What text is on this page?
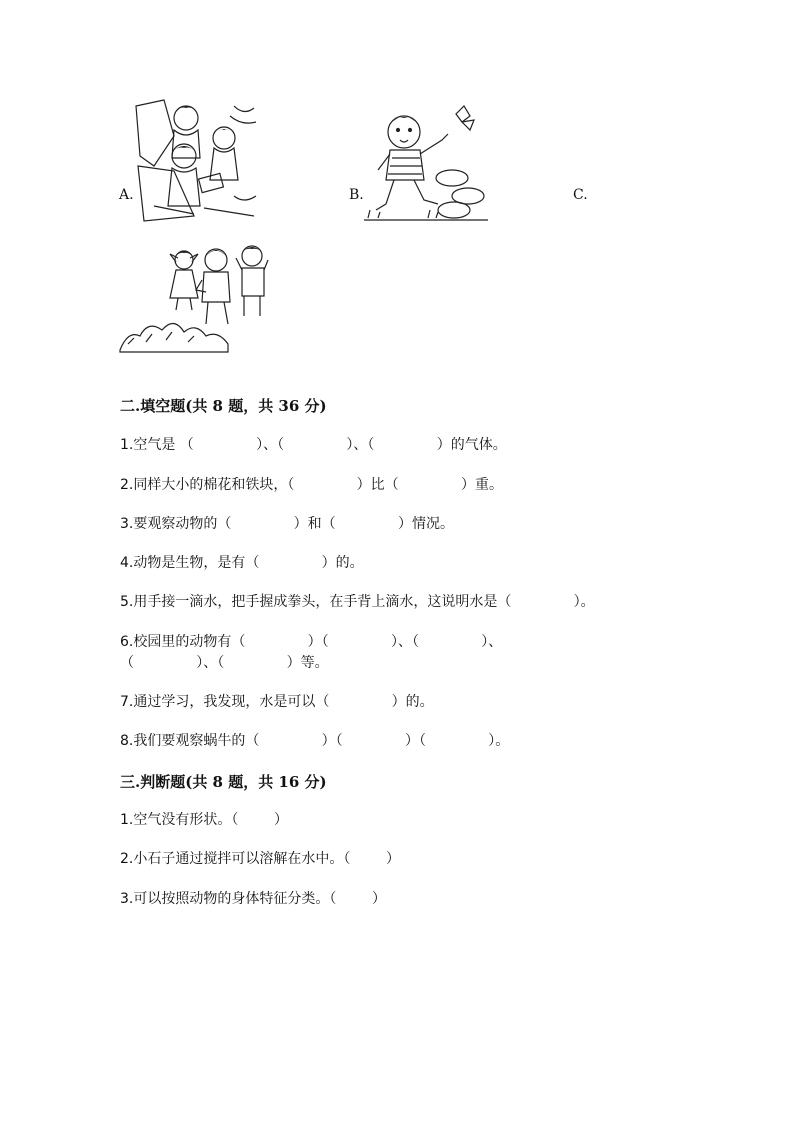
A.	B.	C.
二.填空题(共 8 题，共 36 分)
1.空气是 （              ）、（              ）、（              ）的气体。
2.同样大小的棉花和铁块，（              ）比（              ）重。
3.要观察动物的（              ）和（              ）情况。
4.动物是生物，是有（              ）的。
5.用手接一滴水，把手握成拳头，在手背上滴水，这说明水是（              ）。
6.校园里的动物有（              ）（              ）、（              ）、
（              ）、（              ）等。
7.通过学习，我发现，水是可以（              ）的。
8.我们要观察蜗牛的（              ）（              ）（              ）。
三.判断题(共 8 题，共 16 分)
1.空气没有形状。（        ）
2.小石子通过搅拌可以溶解在水中。（        ）
3.可以按照动物的身体特征分类。（        ）
